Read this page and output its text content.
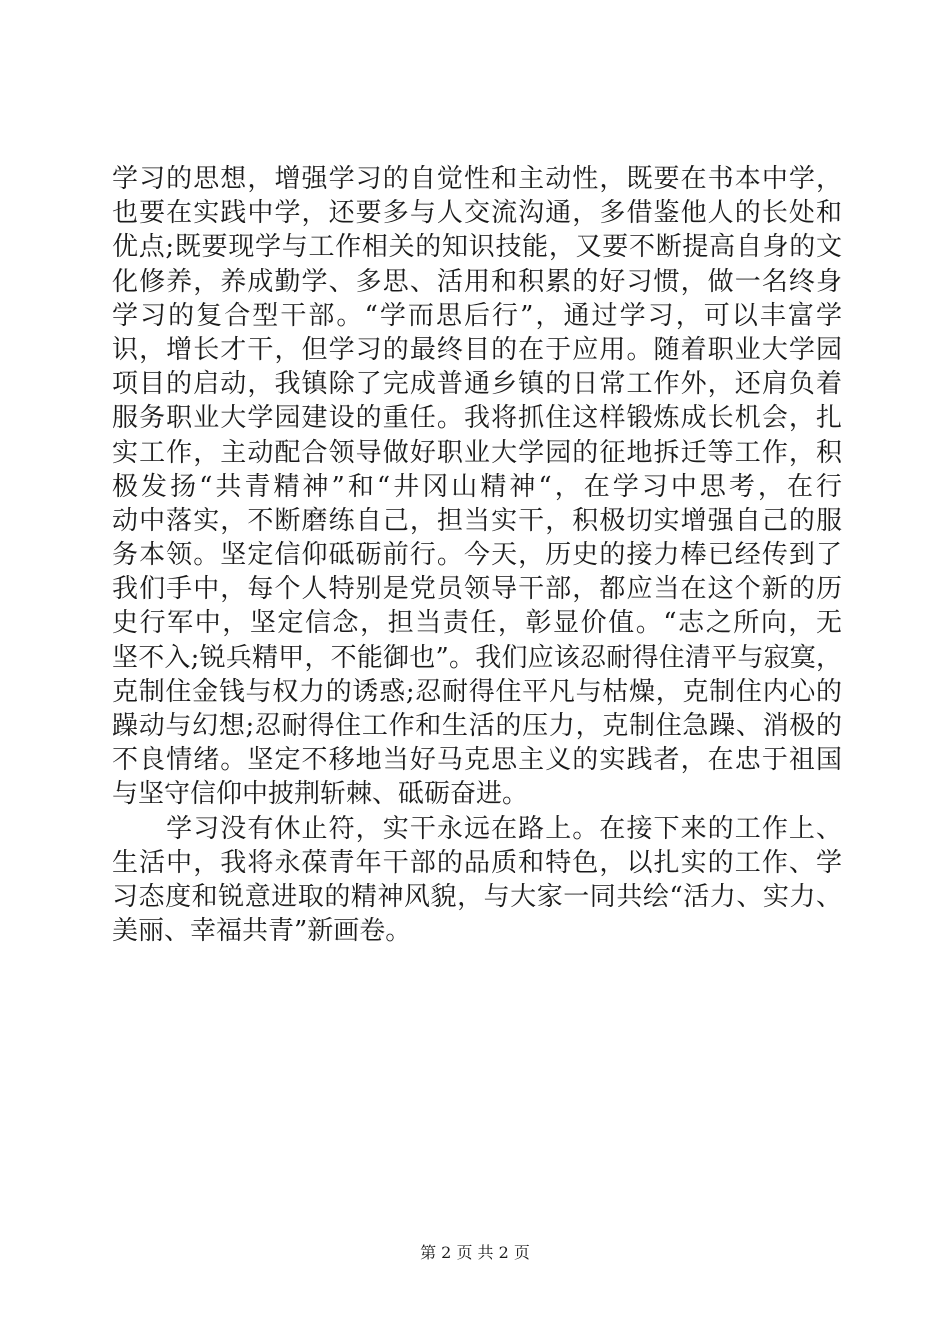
学习的思想，增强学习的自觉性和主动性，既要在书本中学，
也要在实践中学，还要多与人交流沟通，多借鉴他人的长处和
优点;既要现学与工作相关的知识技能，又要不断提高自身的文
化修养，养成勤学、多思、活用和积累的好习惯，做一名终身
学习的复合型干部。“学而思后行”，通过学习，可以丰富学
识，增长才干，但学习的最终目的在于应用。随着职业大学园
项目的启动，我镇除了完成普通乡镇的日常工作外，还肩负着
服务职业大学园建设的重任。我将抓住这样锻炼成长机会，扎
实工作，主动配合领导做好职业大学园的征地拆迁等工作，积
极发扬“共青精神”和“井冈山精神“，在学习中思考，在行
动中落实，不断磨练自己，担当实干，积极切实增强自己的服
务本领。坚定信仰砥砺前行。今天，历史的接力棒已经传到了
我们手中，每个人特别是党员领导干部，都应当在这个新的历
史行军中，坚定信念，担当责任，彰显价值。“志之所向，无
坚不入;锐兵精甲，不能御也”。我们应该忍耐得住清平与寂寞，
克制住金钱与权力的诱惑;忍耐得住平凡与枯燥，克制住内心的
躁动与幻想;忍耐得住工作和生活的压力，克制住急躁、消极的
不良情绪。坚定不移地当好马克思主义的实践者，在忠于祖国
与坚守信仰中披荆斩棘、砥砺奋进。
　　学习没有休止符，实干永远在路上。在接下来的工作上、
生活中，我将永葆青年干部的品质和特色，以扎实的工作、学
习态度和锐意进取的精神风貌，与大家一同共绘“活力、实力、
美丽、幸福共青”新画卷。
第 2 页 共 2 页
